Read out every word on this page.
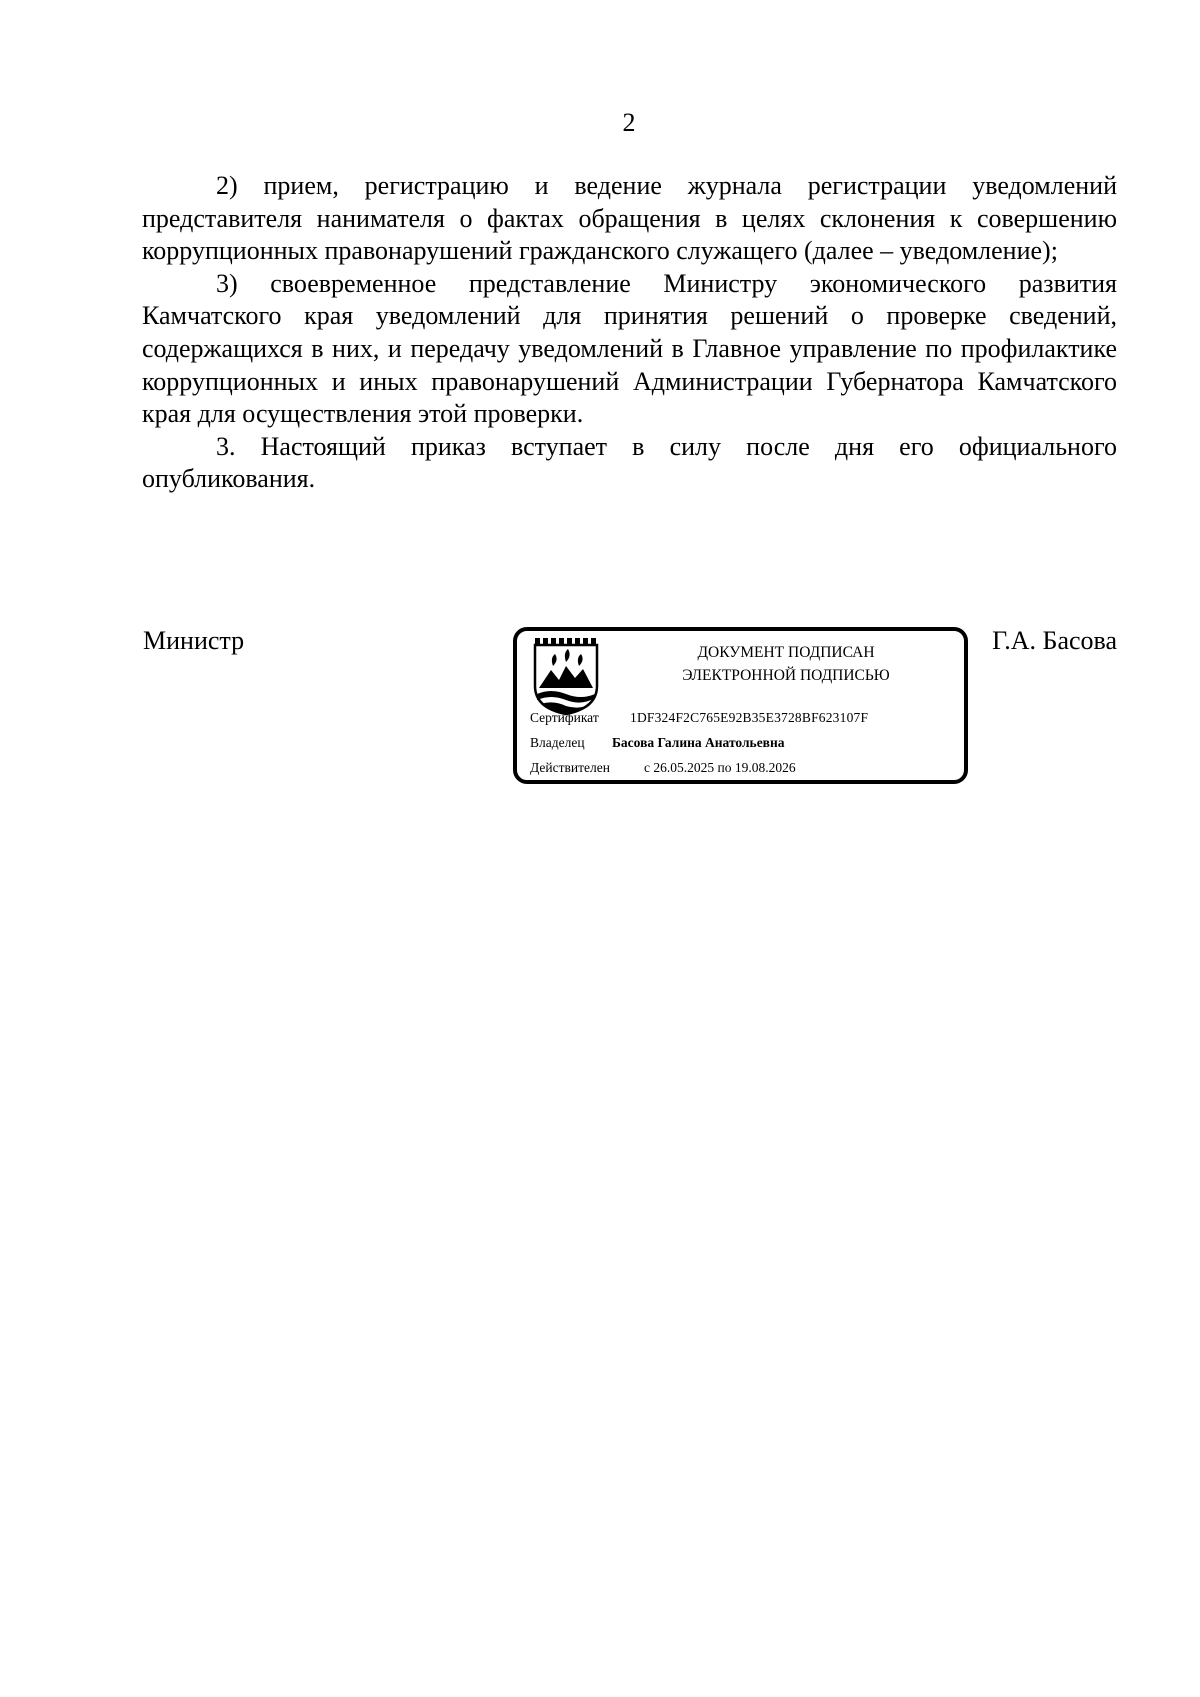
2

2) прием, регистрацию и ведение журнала регистрации уведомлений представителя нанимателя о фактах обращения в целях склонения к совершению коррупционных правонарушений гражданского служащего (далее – уведомление);

3) своевременное представление Министру экономического развития Камчатского края уведомлений для принятия решений о проверке сведений, содержащихся в них, и передачу уведомлений в Главное управление по профилактике коррупционных и иных правонарушений Администрации Губернатора Камчатского края для осуществления этой проверки.

3. Настоящий приказ вступает в силу после дня его официального опубликования.

Министр	ДОКУМЕНТ ПОДПИСАН
ЭЛЕКТРОННОЙ ПОДПИСЬЮ
Сертификат 1DF324F2C765E92B35E3728BF623107F
Владелец Басова Галина Анатольевна
Действителен	с 26.05.2025 по 19.08.2026
Г.А. Басова
